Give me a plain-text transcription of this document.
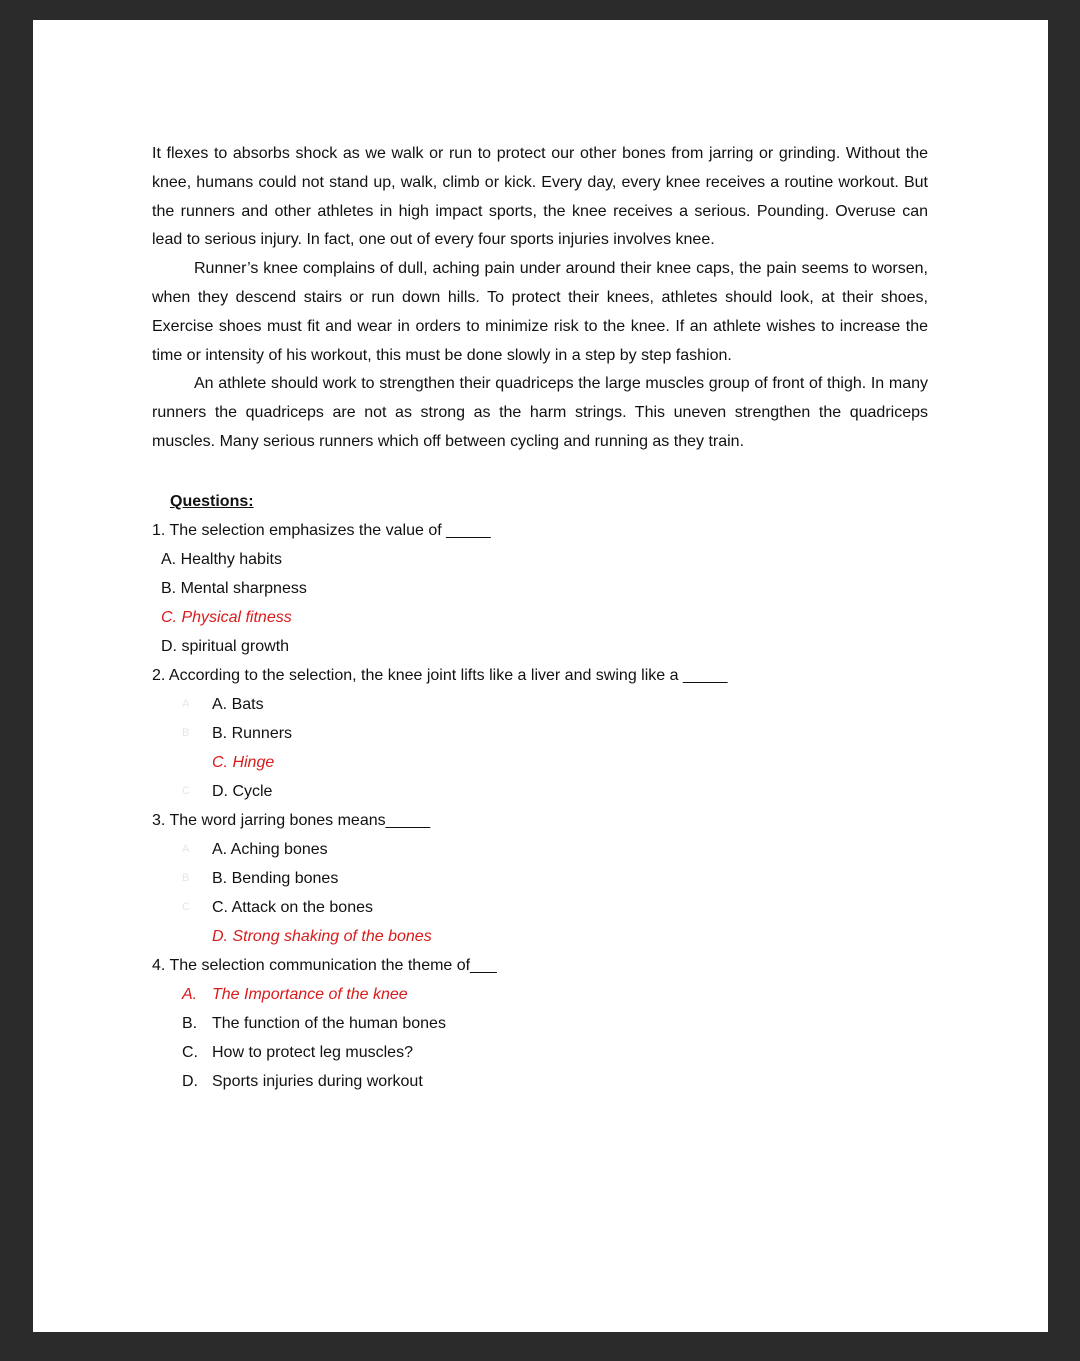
It flexes to absorbs shock as we walk or run to protect our other bones from jarring or grinding. Without the knee, humans could not stand up, walk, climb or kick. Every day, every knee receives a routine workout. But the runners and other athletes in high impact sports, the knee receives a serious. Pounding. Overuse can lead to serious injury. In fact, one out of every four sports injuries involves knee.

Runner’s knee complains of dull, aching pain under around their knee caps, the pain seems to worsen, when they descend stairs or run down hills. To protect their knees, athletes should look, at their shoes, Exercise shoes must fit and wear in orders to minimize risk to the knee. If an athlete wishes to increase the time or intensity of his workout, this must be done slowly in a step by step fashion.

An athlete should work to strengthen their quadriceps the large muscles group of front of thigh. In many runners the quadriceps are not as strong as the harm strings. This uneven strengthen the quadriceps muscles. Many serious runners which off between cycling and running as they train.

Questions:
1. The selection emphasizes the value of _____
A. Healthy habits
B. Mental sharpness
C. Physical fitness
D. spiritual growth
2. According to the selection, the knee joint lifts like a liver and swing like a _____
A A. Bats
B B. Runners
C. Hinge
C D. Cycle
3. The word jarring bones means_____
A A. Aching bones
B B. Bending bones
C C. Attack on the bones
D. Strong shaking of the bones
4. The selection communication the theme of___
A. The Importance of the knee
B. The function of the human bones
C. How to protect leg muscles?
D. Sports injuries during workout
